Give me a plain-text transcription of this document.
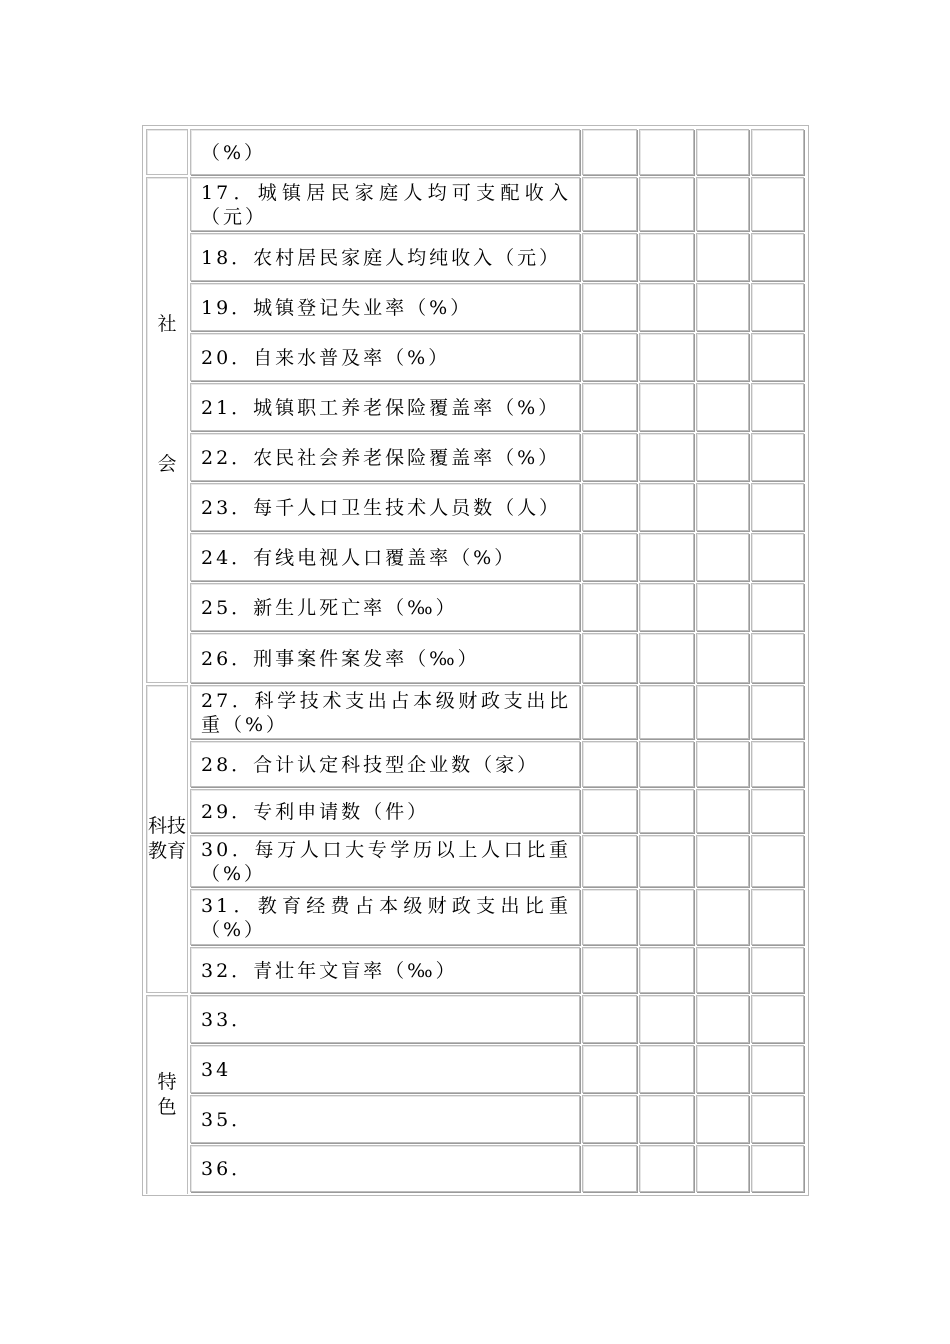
（%）
社会
17．城镇居民家庭人均可支配收入（元）
18．农村居民家庭人均纯收入（元）
19．城镇登记失业率（%）
20．自来水普及率（%）
21．城镇职工养老保险覆盖率（%）
22．农民社会养老保险覆盖率（%）
23．每千人口卫生技术人员数（人）
24．有线电视人口覆盖率（%）
25．新生儿死亡率（‰）
26．刑事案件案发率（‰）
科技教育
27．科学技术支出占本级财政支出比重（%）
28．合计认定科技型企业数（家）
29．专利申请数（件）
30．每万人口大专学历以上人口比重（%）
31．教育经费占本级财政支出比重（%）
32．青壮年文盲率（‰）
特色
33．
34
35．
36．
